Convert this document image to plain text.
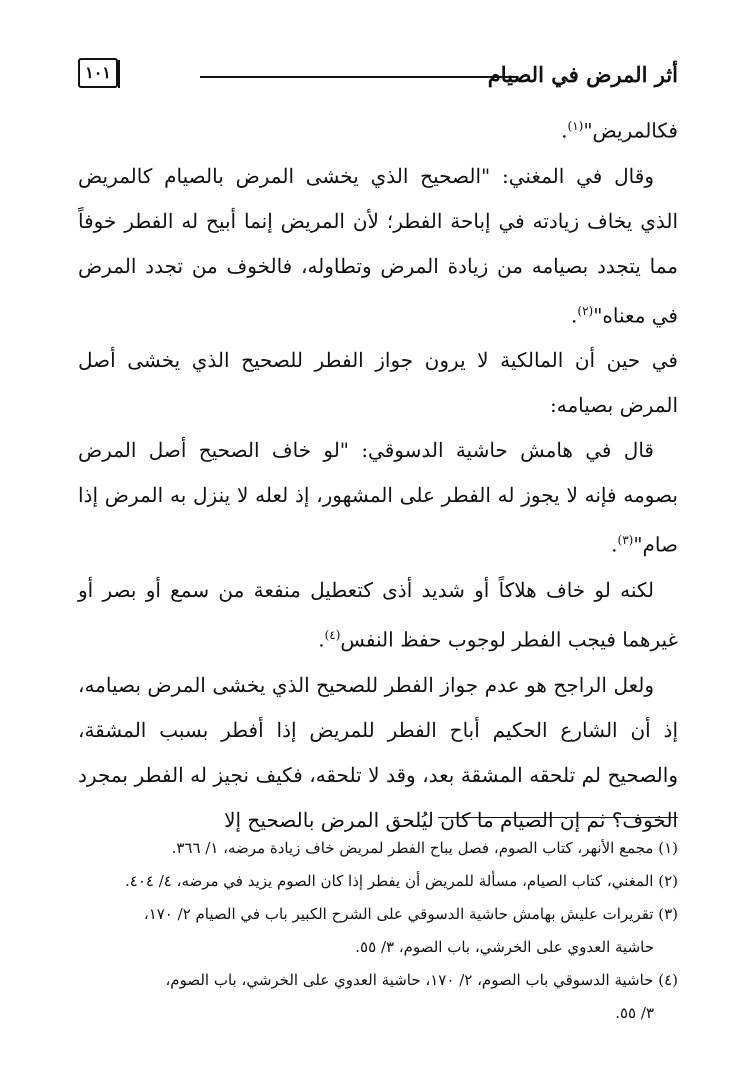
أثر المرض في الصيام
١٠١

فكالمريض"$^{(١)}$.

وقال في المغني: "الصحيح الذي يخشى المرض بالصيام كالمريض الذي يخاف زيادته في إباحة الفطر؛ لأن المريض إنما أبيح له الفطر خوفاً مما يتجدد بصيامه من زيادة المرض وتطاوله، فالخوف من تجدد المرض في معناه"$^{(٢)}$.

في حين أن المالكية لا يرون جواز الفطر للصحيح الذي يخشى أصل المرض بصيامه:

قال في هامش حاشية الدسوقي: "لو خاف الصحيح أصل المرض بصومه فإنه لا يجوز له الفطر على المشهور، إذ لعله لا ينزل به المرض إذا صام"$^{(٣)}$.

لكنه لو خاف هلاكاً أو شديد أذى كتعطيل منفعة من سمع أو بصر أو غيرهما فيجب الفطر لوجوب حفظ النفس$^{(٤)}$.

ولعل الراجح هو عدم جواز الفطر للصحيح الذي يخشى المرض بصيامه، إذ أن الشارع الحكيم أباح الفطر للمريض إذا أفطر بسبب المشقة، والصحيح لم تلحقه المشقة بعد، وقد لا تلحقه، فكيف نجيز له الفطر بمجرد الخوف؟ ثم إن الصيام ما كان ليُلحق المرض بالصحيح إلا

(١) مجمع الأنهر، كتاب الصوم، فصل يباح الفطر لمريض خاف زيادة مرضه، ١/ ٣٦٦.

(٢) المغني، كتاب الصيام، مسألة للمريض أن يفطر إذا كان الصوم يزيد في مرضه، ٤/ ٤٠٤.

(٣) تقريرات عليش بهامش حاشية الدسوقي على الشرح الكبير باب في الصيام ٢/ ١٧٠،

حاشية العدوي على الخرشي، باب الصوم، ٣/ ٥٥.

(٤) حاشية الدسوقي باب الصوم، ٢/ ١٧٠، حاشية العدوي على الخرشي، باب الصوم،

٣/ ٥٥.
